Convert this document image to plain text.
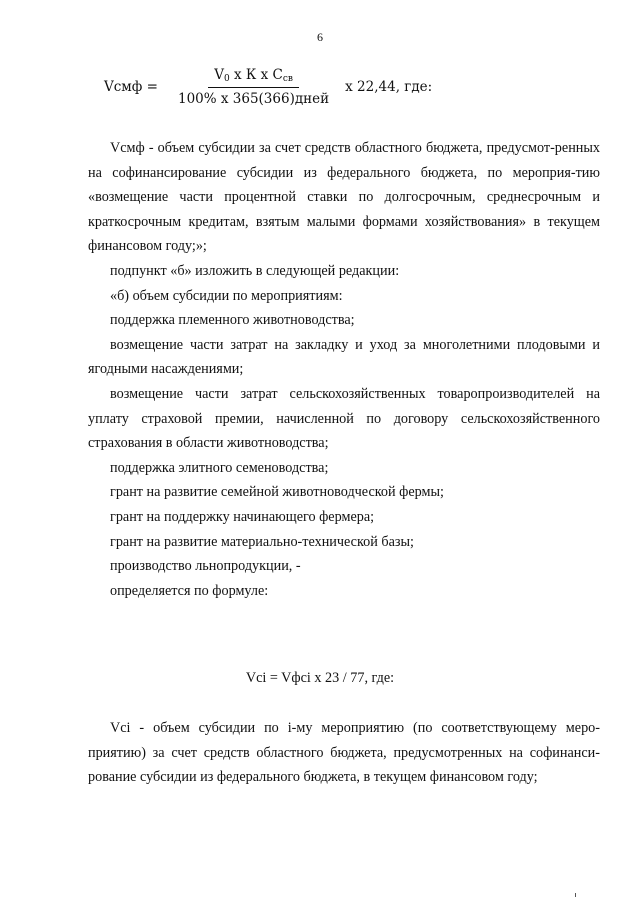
6
Vсмф = $\frac{V_0 x К x С_{св}}{\text{100\% x 365(366)дней}}$ x 22,44, где:

Vсмф - объем субсидии за счет средств областного бюджета, предусмот-ренных на софинансирование субсидии из федерального бюджета, по мероприя-тию «возмещение части процентной ставки по долгосрочным, среднесрочным и краткосрочным кредитам, взятым малыми формами хозяйствования» в текущем финансовом году;»;

подпункт «б» изложить в следующей редакции:

«б) объем субсидии по мероприятиям:

поддержка племенного животноводства;

возмещение части затрат на закладку и уход за многолетними плодовыми и ягодными насаждениями;

возмещение части затрат сельскохозяйственных товаропроизводителей на уплату страховой премии, начисленной по договору сельскохозяйственного страхования в области животноводства;

поддержка элитного семеноводства;

грант на развитие семейной животноводческой фермы;

грант на поддержку начинающего фермера;

грант на развитие материально-технической базы;

производство льнопродукции, -

определяется по формуле:

Vci = Vфci x 23 / 77, где:

Vci - объем субсидии по i-му мероприятию (по соответствующему меро-приятию) за счет средств областного бюджета, предусмотренных на софинанси-рование субсидии из федерального бюджета, в текущем финансовом году;
